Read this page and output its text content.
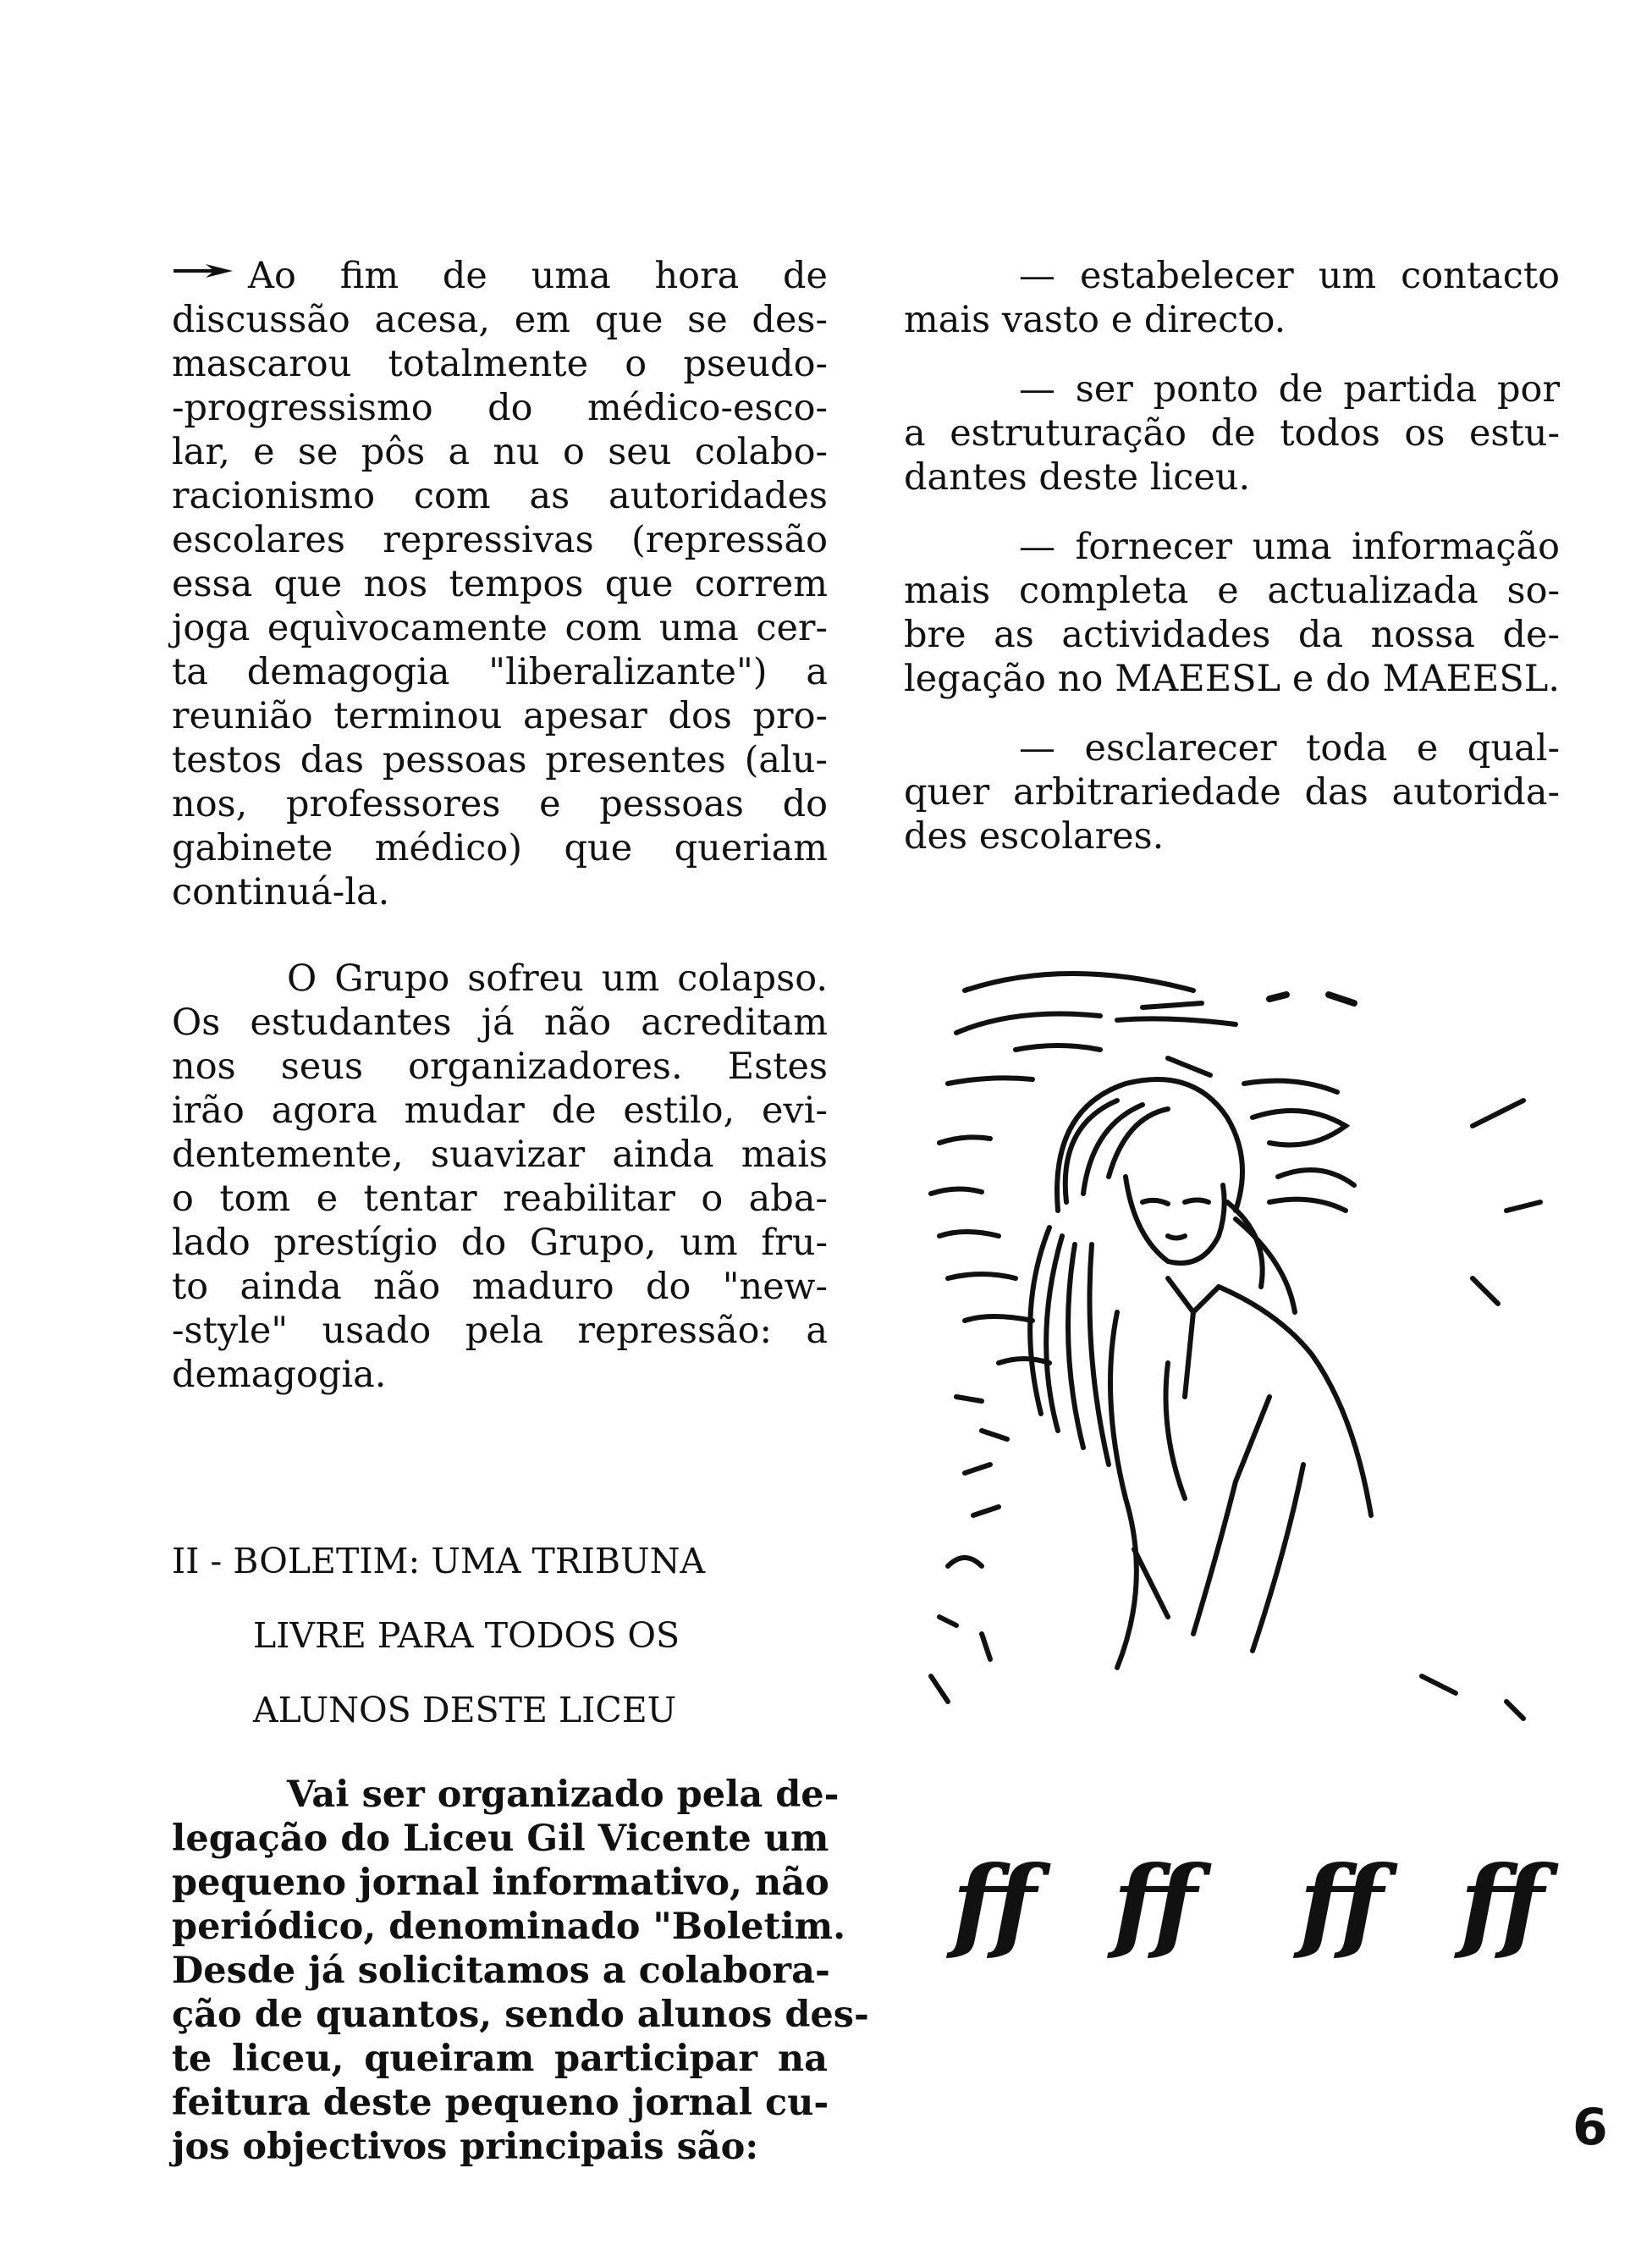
Ao fim de uma hora de
discussão acesa, em que se des-
mascarou totalmente o pseudo-
-progressismo do médico-esco-
lar, e se pôs a nu o seu colabo-
racionismo com as autoridades
escolares repressivas (repressão
essa que nos tempos que correm
joga equìvocamente com uma cer-
ta demagogia "liberalizante") a
reunião terminou apesar dos pro-
testos das pessoas presentes (alu-
nos, professores e pessoas do
gabinete médico) que queriam
continuá-la.

O Grupo sofreu um colapso.
Os estudantes já não acreditam
nos seus organizadores. Estes
irão agora mudar de estilo, evi-
dentemente, suavizar ainda mais
o tom e tentar reabilitar o aba-
lado prestígio do Grupo, um fru-
to ainda não maduro do "new-
-style" usado pela repressão: a
demagogia.

II - BOLETIM: UMA TRIBUNA
LIVRE PARA TODOS OS
ALUNOS DESTE LICEU

Vai ser organizado pela de-
legação do Liceu Gil Vicente um
pequeno jornal informativo, não
periódico, denominado "Boletim.
Desde já solicitamos a colabora-
ção de quantos, sendo alunos des-
te liceu, queiram participar na
feitura deste pequeno jornal cu-
jos objectivos principais são:

— estabelecer um contacto
mais vasto e directo.

— ser ponto de partida por
a estruturação de todos os estu-
dantes deste liceu.

— fornecer uma informação
mais completa e actualizada so-
bre as actividades da nossa de-
legação no MAEESL e do MAEESL.

— esclarecer toda e qual-
quer arbitrariedade das autorida-
des escolares.

ff ff ff ff
6
